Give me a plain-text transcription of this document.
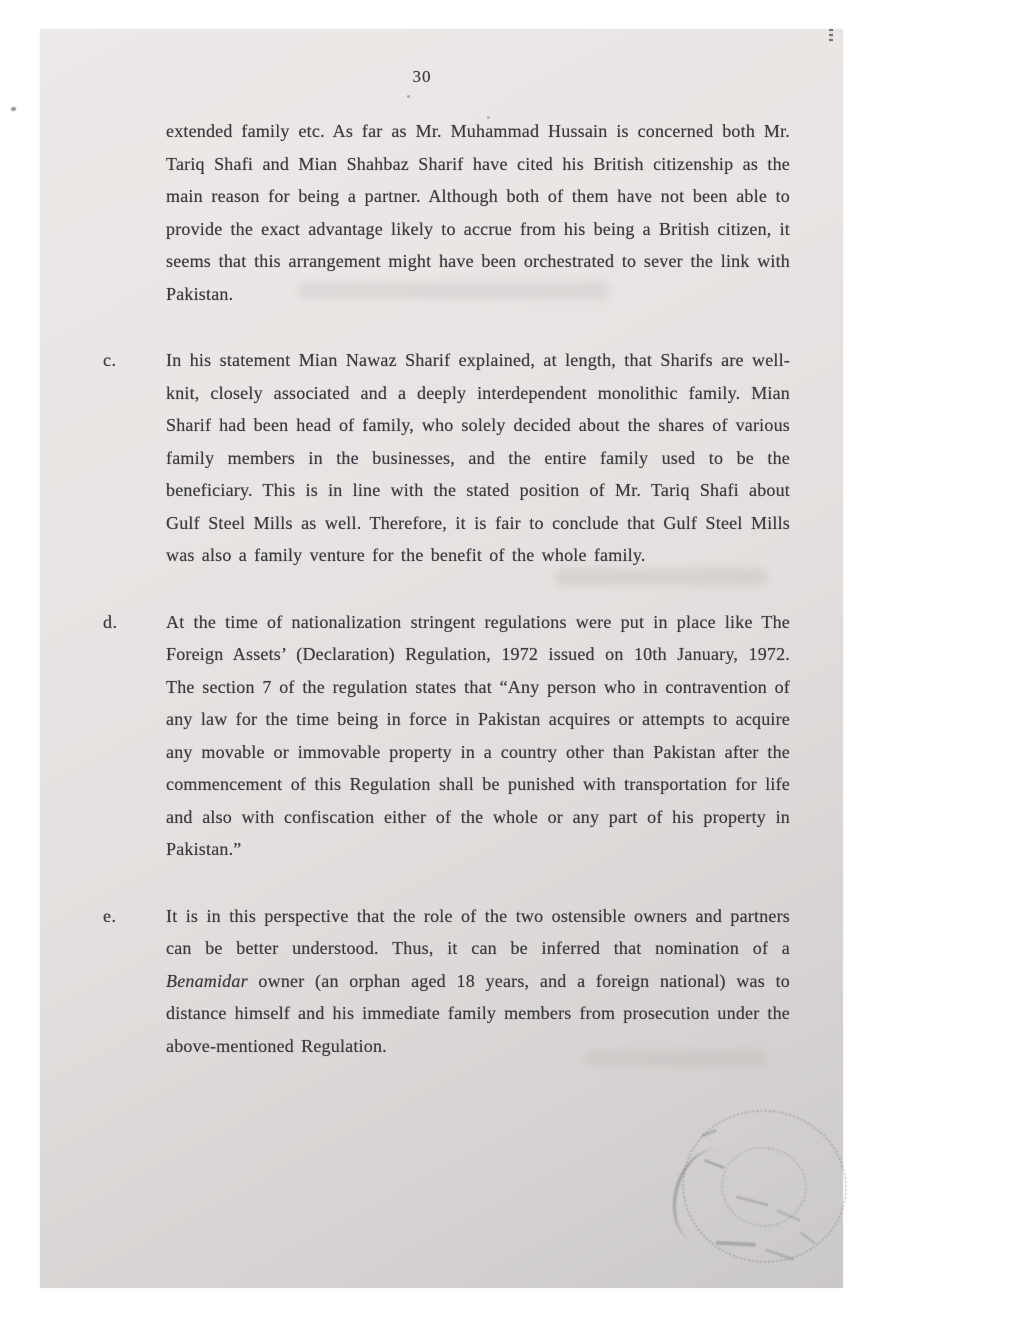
30

extended family etc. As far as Mr. Muhammad Hussain is concerned both Mr. Tariq Shafi and Mian Shahbaz Sharif have cited his British citizenship as the main reason for being a partner. Although both of them have not been able to provide the exact advantage likely to accrue from his being a British citizen, it seems that this arrangement might have been orchestrated to sever the link with Pakistan.

c.	In his statement Mian Nawaz Sharif explained, at length, that Sharifs are well-knit, closely associated and a deeply interdependent monolithic family. Mian Sharif had been head of family, who solely decided about the shares of various family members in the businesses, and the entire family used to be the beneficiary. This is in line with the stated position of Mr. Tariq Shafi about Gulf Steel Mills as well. Therefore, it is fair to conclude that Gulf Steel Mills was also a family venture for the benefit of the whole family.

d.	At the time of nationalization stringent regulations were put in place like The Foreign Assets’ (Declaration) Regulation, 1972 issued on 10th January, 1972. The section 7 of the regulation states that “Any person who in contravention of any law for the time being in force in Pakistan acquires or attempts to acquire any movable or immovable property in a country other than Pakistan after the commencement of this Regulation shall be punished with transportation for life and also with confiscation either of the whole or any part of his property in Pakistan.”

e.	It is in this perspective that the role of the two ostensible owners and partners can be better understood. Thus, it can be inferred that nomination of a Benamidar owner (an orphan aged 18 years, and a foreign national) was to distance himself and his immediate family members from prosecution under the above-mentioned Regulation.
